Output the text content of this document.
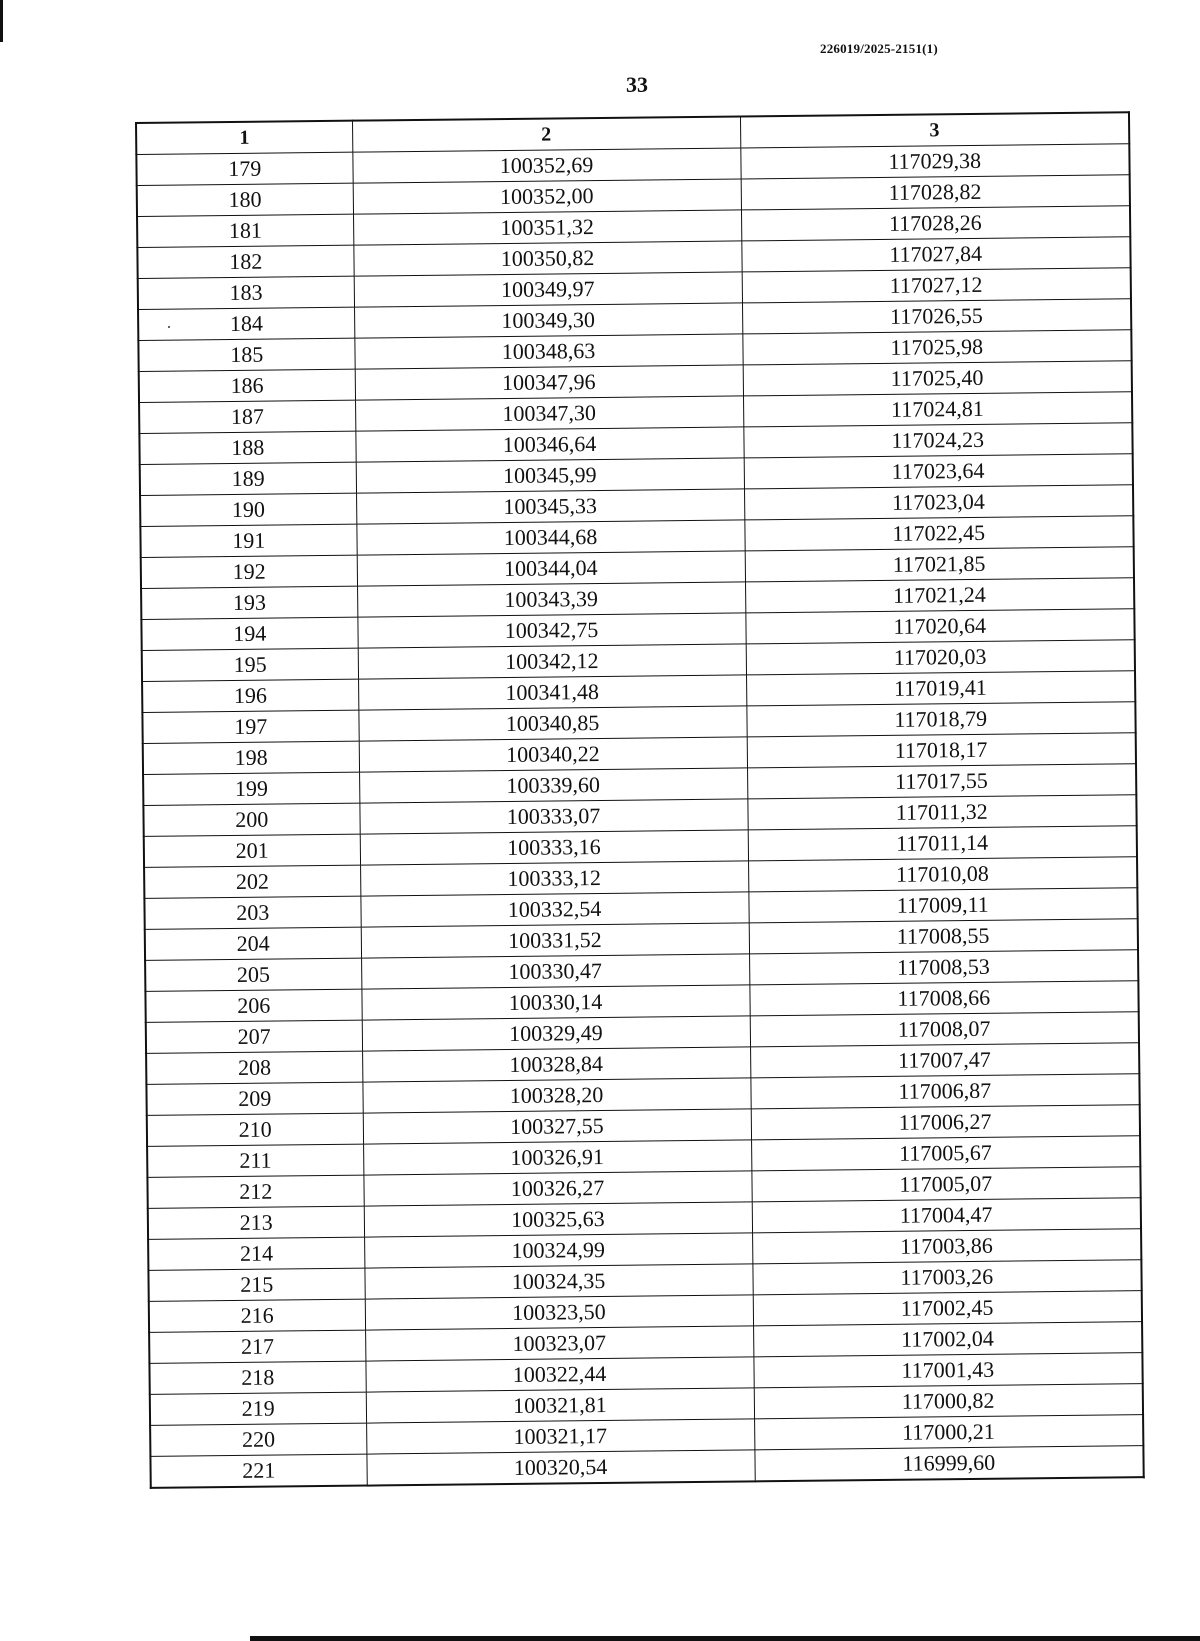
226019/2025-2151(1)
33
1	2	3
179	100352,69	117029,38
180	100352,00	117028,82
181	100351,32	117028,26
182	100350,82	117027,84
183	100349,97	117027,12
184	100349,30	117026,55
185	100348,63	117025,98
186	100347,96	117025,40
187	100347,30	117024,81
188	100346,64	117024,23
189	100345,99	117023,64
190	100345,33	117023,04
191	100344,68	117022,45
192	100344,04	117021,85
193	100343,39	117021,24
194	100342,75	117020,64
195	100342,12	117020,03
196	100341,48	117019,41
197	100340,85	117018,79
198	100340,22	117018,17
199	100339,60	117017,55
200	100333,07	117011,32
201	100333,16	117011,14
202	100333,12	117010,08
203	100332,54	117009,11
204	100331,52	117008,55
205	100330,47	117008,53
206	100330,14	117008,66
207	100329,49	117008,07
208	100328,84	117007,47
209	100328,20	117006,87
210	100327,55	117006,27
211	100326,91	117005,67
212	100326,27	117005,07
213	100325,63	117004,47
214	100324,99	117003,86
215	100324,35	117003,26
216	100323,50	117002,45
217	100323,07	117002,04
218	100322,44	117001,43
219	100321,81	117000,82
220	100321,17	117000,21
221	100320,54	116999,60
